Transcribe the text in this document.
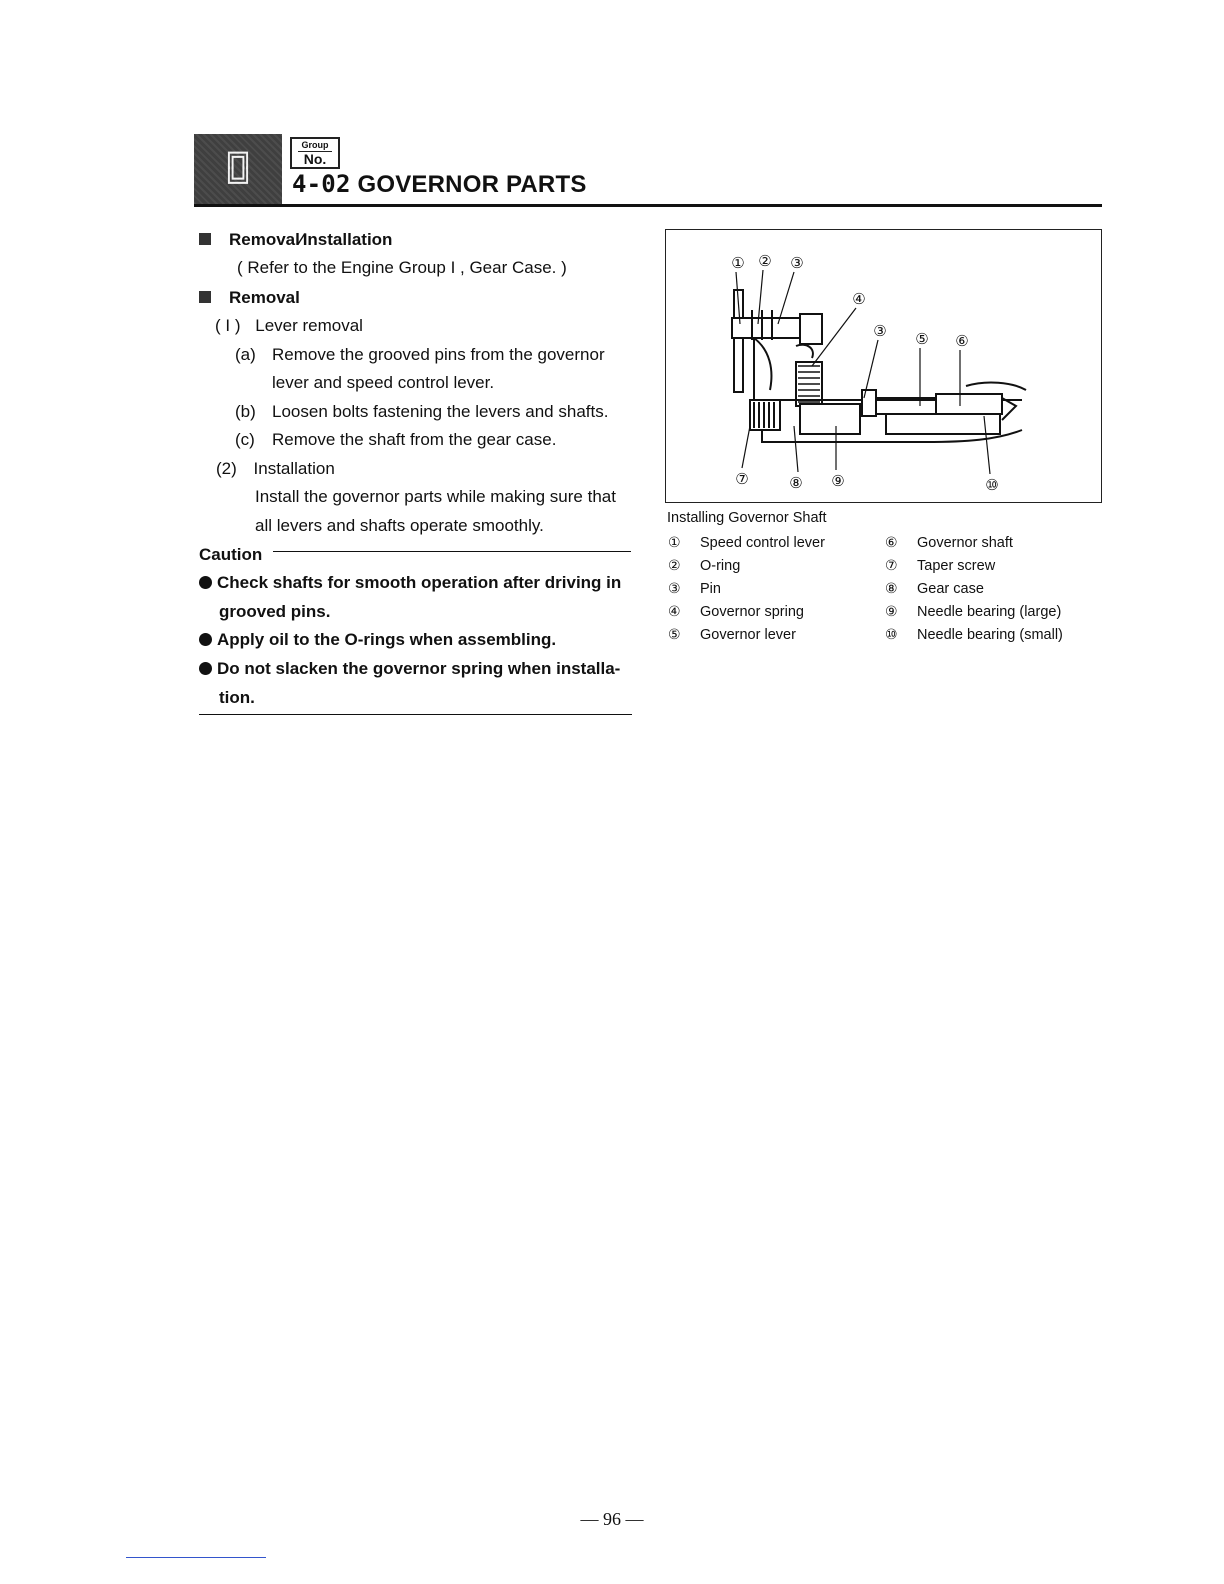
╔╗
╚╝
Group
No.
4-02 GOVERNOR PARTS
Removal∕Installation
( Refer to the Engine Group I , Gear Case. )
Removal
( I ) Lever removal
(a) Remove the grooved pins from the governor
lever and speed control lever.
(b) Loosen bolts fastening the levers and shafts.
(c) Remove the shaft from the gear case.
(2) Installation
Install the governor parts while making sure that
all levers and shafts operate smoothly.
Caution
Check shafts for smooth operation after driving in
grooved pins.
Apply oil to the O-rings when assembling.
Do not slacken the governor spring when installa-
tion.
① ② ③
④
③ ⑤ ⑥
⑦	⑧ ⑨	⑩
Installing Governor Shaft
① Speed control lever
② O-ring
③ Pin
④ Governor spring
⑤ Governor lever
⑥ Governor shaft
⑦ Taper screw
⑧ Gear case
⑨ Needle bearing (large)
⑩ Needle bearing (small)
— 96 —
